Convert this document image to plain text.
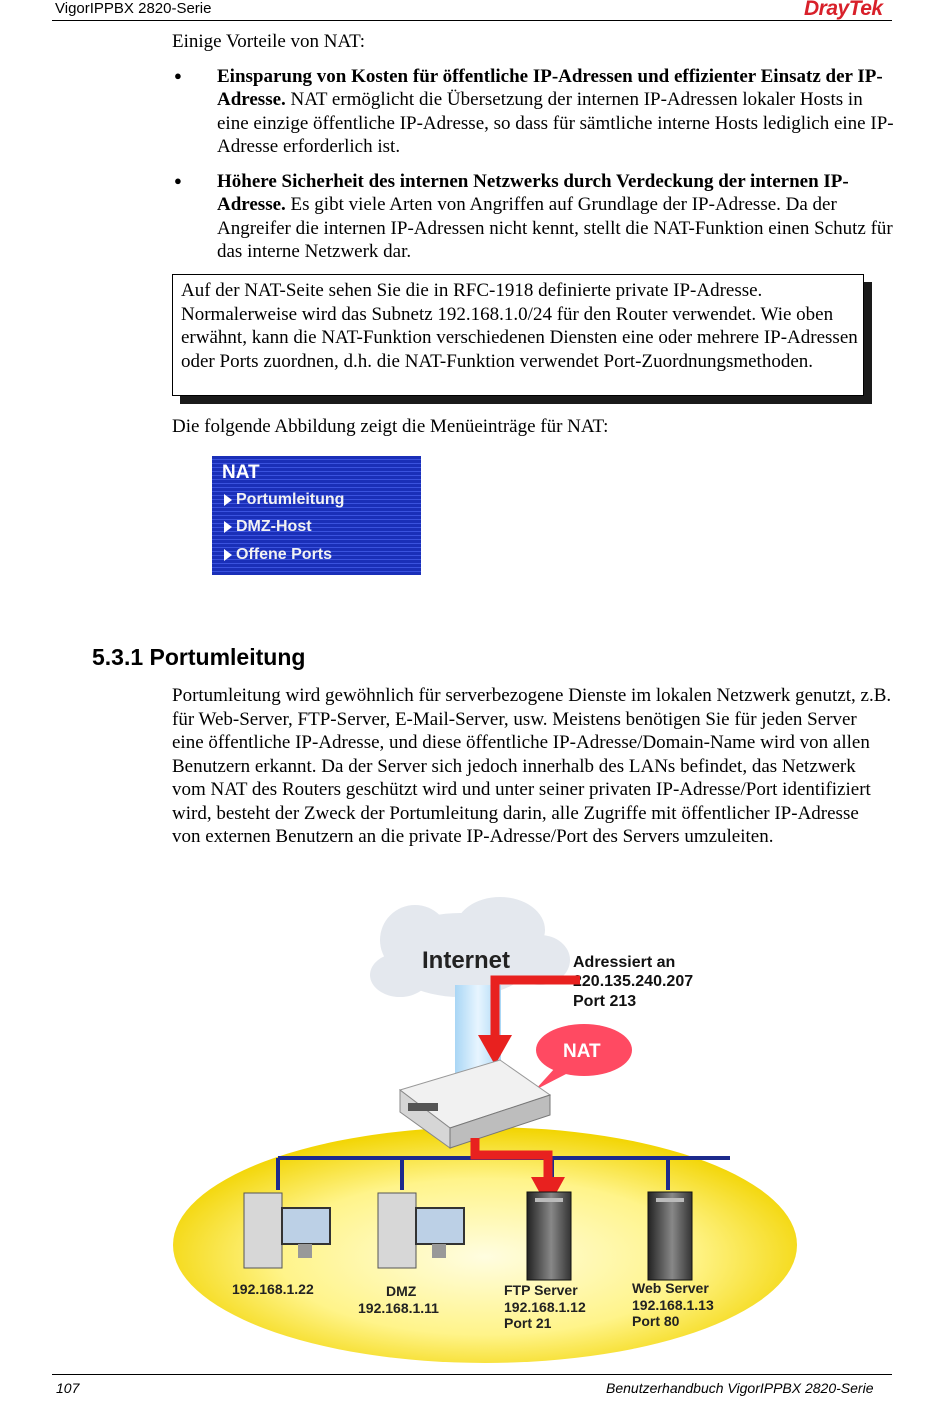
VigorIPPBX 2820-Serie	DrayTek
Einige Vorteile von NAT:
● Einsparung von Kosten für öffentliche IP-Adressen und effizienter Einsatz der IP-Adresse. NAT ermöglicht die Übersetzung der internen IP-Adressen lokaler Hosts in eine einzige öffentliche IP-Adresse, so dass für sämtliche interne Hosts lediglich eine IP-Adresse erforderlich ist.
● Höhere Sicherheit des internen Netzwerks durch Verdeckung der internen IP-Adresse. Es gibt viele Arten von Angriffen auf Grundlage der IP-Adresse. Da der Angreifer die internen IP-Adressen nicht kennt, stellt die NAT-Funktion einen Schutz für das interne Netzwerk dar.
Auf der NAT-Seite sehen Sie die in RFC-1918 definierte private IP-Adresse. Normalerweise wird das Subnetz 192.168.1.0/24 für den Router verwendet. Wie oben erwähnt, kann die NAT-Funktion verschiedenen Diensten eine oder mehrere IP-Adressen oder Ports zuordnen, d.h. die NAT-Funktion verwendet Port-Zuordnungsmethoden.
Die folgende Abbildung zeigt die Menüeinträge für NAT:
NAT
Portumleitung
DMZ-Host
Offene Ports
5.3.1 Portumleitung
Portumleitung wird gewöhnlich für serverbezogene Dienste im lokalen Netzwerk genutzt, z.B. für Web-Server, FTP-Server, E-Mail-Server, usw. Meistens benötigen Sie für jeden Server eine öffentliche IP-Adresse, und diese öffentliche IP-Adresse/Domain-Name wird von allen Benutzern erkannt. Da der Server sich jedoch innerhalb des LANs befindet, das Netzwerk vom NAT des Routers geschützt wird und unter seiner privaten IP-Adresse/Port identifiziert wird, besteht der Zweck der Portumleitung darin, alle Zugriffe mit öffentlicher IP-Adresse von externen Benutzern an die private IP-Adresse/Port des Servers umzuleiten.
Internet	Adressiert an
220.135.240.207
Port 213
NAT
192.168.1.22	DMZ
192.168.1.11
FTP Server
192.168.1.12
Port 21
Web Server
192.168.1.13
Port 80
107	Benutzerhandbuch VigorIPPBX 2820-Serie
